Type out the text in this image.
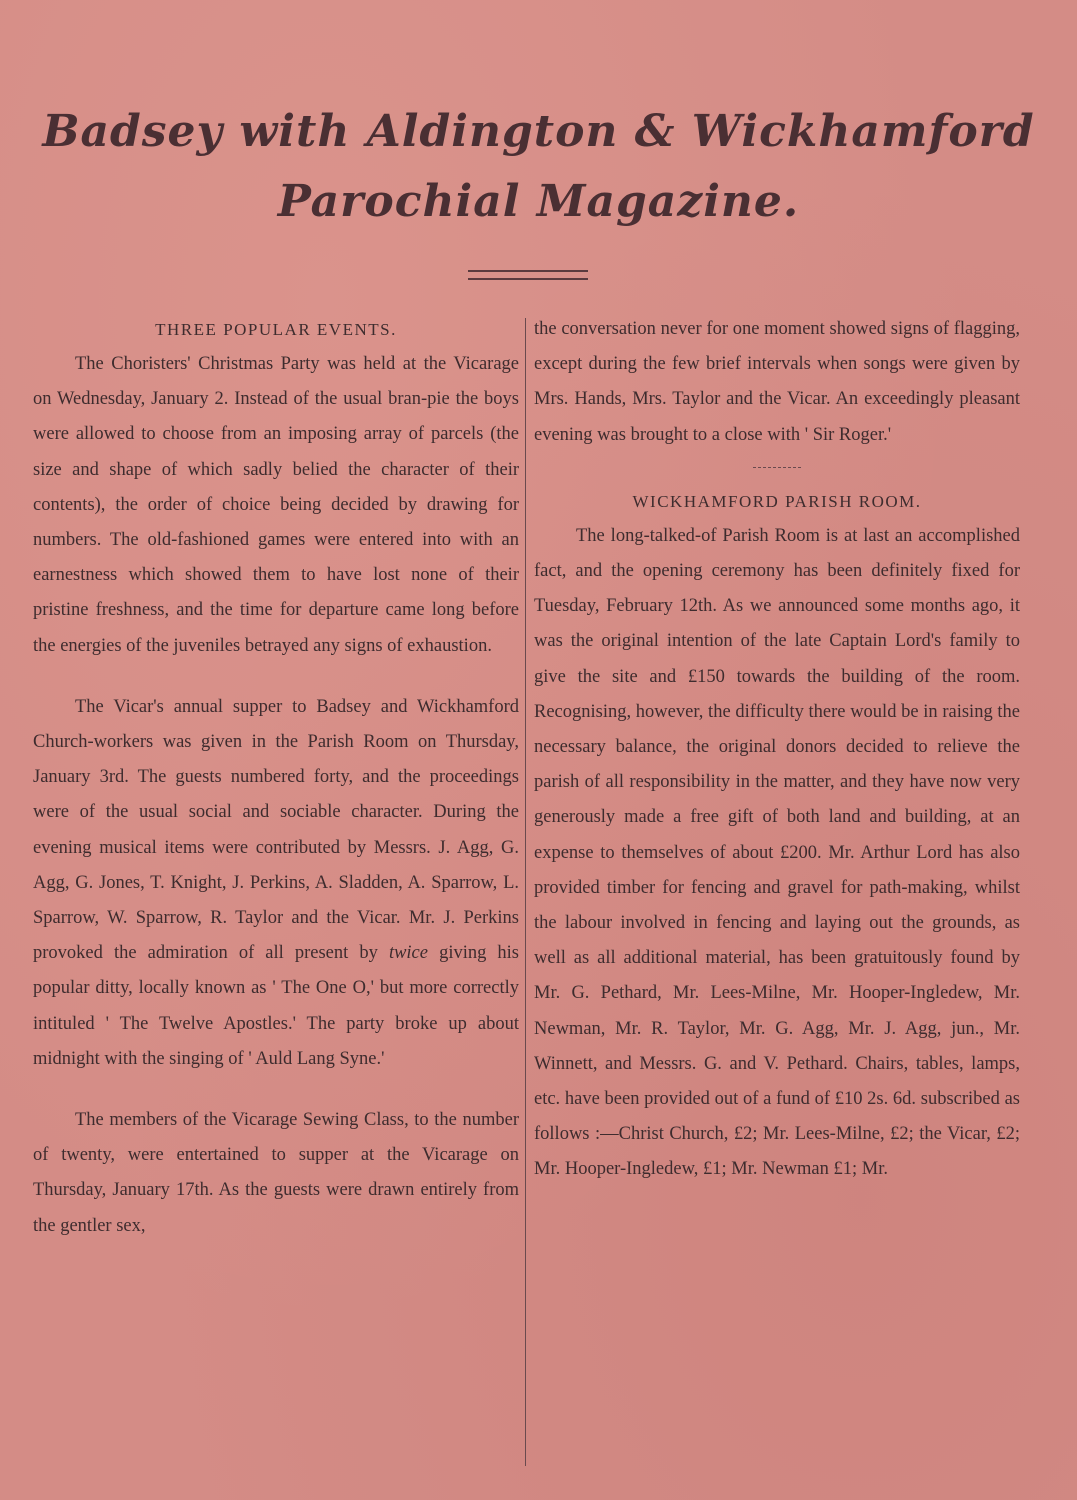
Badsey with Aldington & Wickhamford
Parochial Magazine.
THREE POPULAR EVENTS.

The Choristers' Christmas Party was held at the Vicarage on Wednesday, January 2. Instead of the usual bran-pie the boys were allowed to choose from an imposing array of parcels (the size and shape of which sadly belied the character of their contents), the order of choice being decided by drawing for numbers. The old-fashioned games were entered into with an earnestness which showed them to have lost none of their pristine freshness, and the time for departure came long before the energies of the juveniles betrayed any signs of exhaustion.

The Vicar's annual supper to Badsey and Wickhamford Church-workers was given in the Parish Room on Thursday, January 3rd. The guests numbered forty, and the proceedings were of the usual social and sociable character. During the evening musical items were contributed by Messrs. J. Agg, G. Agg, G. Jones, T. Knight, J. Perkins, A. Sladden, A. Sparrow, L. Sparrow, W. Sparrow, R. Taylor and the Vicar. Mr. J. Perkins provoked the admiration of all present by twice giving his popular ditty, locally known as ' The One O,' but more correctly intituled ' The Twelve Apostles.' The party broke up about midnight with the singing of ' Auld Lang Syne.'

The members of the Vicarage Sewing Class, to the number of twenty, were entertained to supper at the Vicarage on Thursday, January 17th. As the guests were drawn entirely from the gentler sex,

the conversation never for one moment showed signs of flagging, except during the few brief intervals when songs were given by Mrs. Hands, Mrs. Taylor and the Vicar. An exceedingly pleasant evening was brought to a close with ' Sir Roger.'

WICKHAMFORD PARISH ROOM.

The long-talked-of Parish Room is at last an accomplished fact, and the opening ceremony has been definitely fixed for Tuesday, February 12th. As we announced some months ago, it was the original intention of the late Captain Lord's family to give the site and £150 towards the building of the room. Recognising, however, the difficulty there would be in raising the necessary balance, the original donors decided to relieve the parish of all responsibility in the matter, and they have now very generously made a free gift of both land and building, at an expense to themselves of about £200. Mr. Arthur Lord has also provided timber for fencing and gravel for path-making, whilst the labour involved in fencing and laying out the grounds, as well as all additional material, has been gratuitously found by Mr. G. Pethard, Mr. Lees-Milne, Mr. Hooper-Ingledew, Mr. Newman, Mr. R. Taylor, Mr. G. Agg, Mr. J. Agg, jun., Mr. Winnett, and Messrs. G. and V. Pethard. Chairs, tables, lamps, etc. have been provided out of a fund of £10 2s. 6d. subscribed as follows :—Christ Church, £2; Mr. Lees-Milne, £2; the Vicar, £2; Mr. Hooper-Ingledew, £1; Mr. Newman £1; Mr.
